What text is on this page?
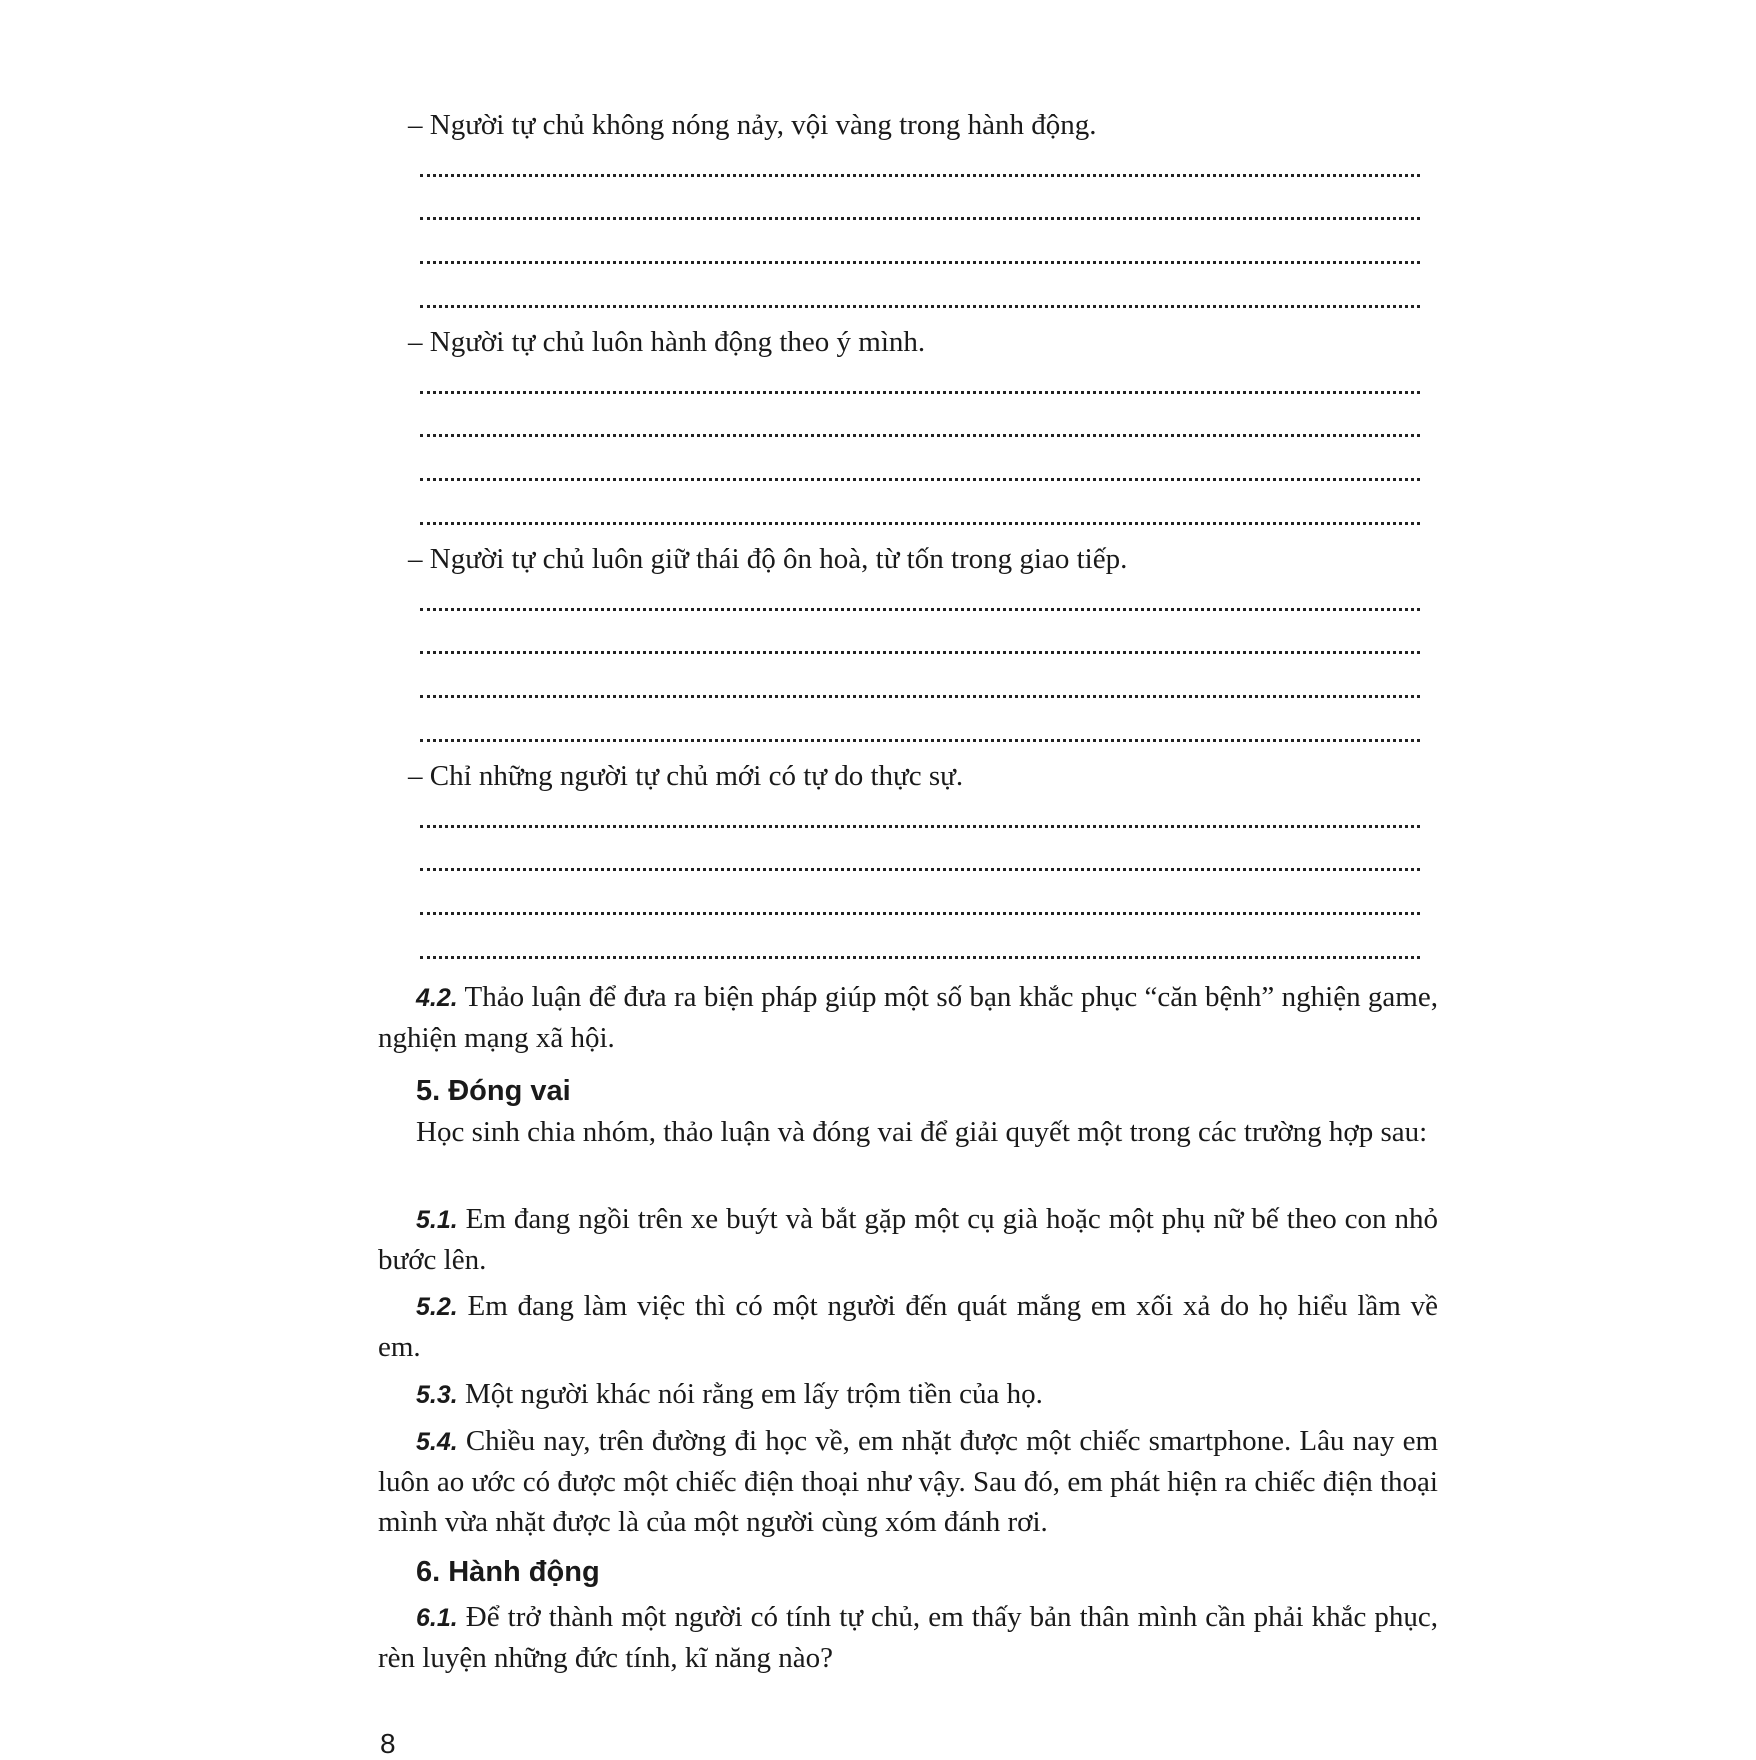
– Người tự chủ không nóng nảy, vội vàng trong hành động.
– Người tự chủ luôn hành động theo ý mình.
– Người tự chủ luôn giữ thái độ ôn hoà, từ tốn trong giao tiếp.
– Chỉ những người tự chủ mới có tự do thực sự.
4.2. Thảo luận để đưa ra biện pháp giúp một số bạn khắc phục “căn bệnh” nghiện game, nghiện mạng xã hội.
5. Đóng vai
Học sinh chia nhóm, thảo luận và đóng vai để giải quyết một trong các trường hợp sau:
5.1. Em đang ngồi trên xe buýt và bắt gặp một cụ già hoặc một phụ nữ bế theo con nhỏ bước lên.
5.2. Em đang làm việc thì có một người đến quát mắng em xối xả do họ hiểu lầm về em.
5.3. Một người khác nói rằng em lấy trộm tiền của họ.
5.4. Chiều nay, trên đường đi học về, em nhặt được một chiếc smartphone. Lâu nay em luôn ao ước có được một chiếc điện thoại như vậy. Sau đó, em phát hiện ra chiếc điện thoại mình vừa nhặt được là của một người cùng xóm đánh rơi.
6. Hành động
6.1. Để trở thành một người có tính tự chủ, em thấy bản thân mình cần phải khắc phục, rèn luyện những đức tính, kĩ năng nào?
8
